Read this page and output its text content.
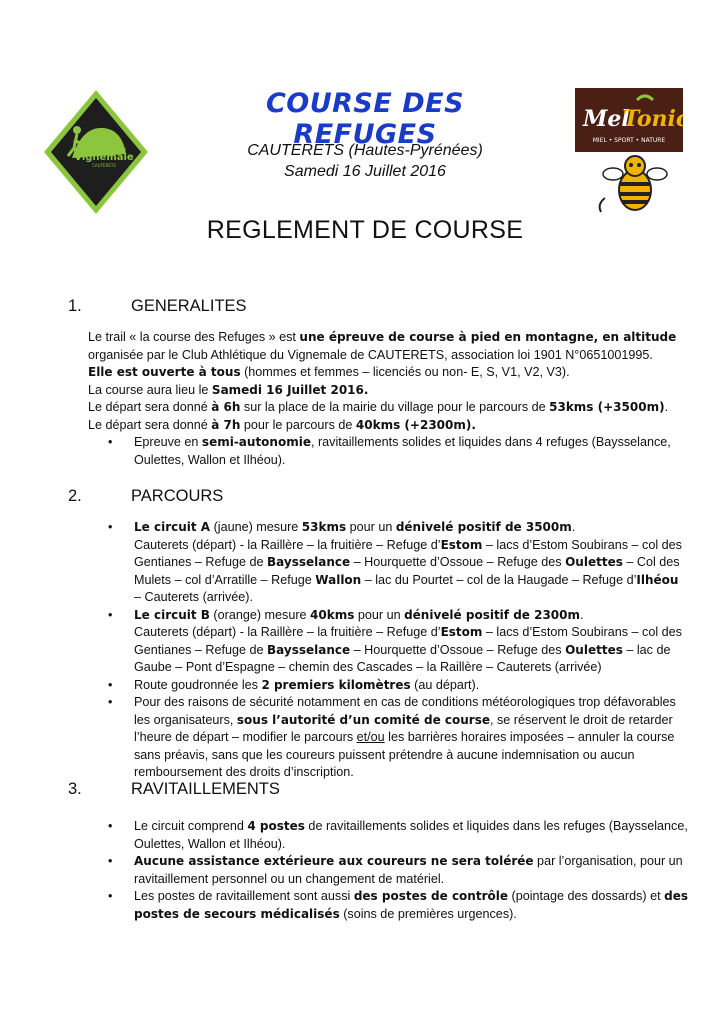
CLUB ATHLÉTIQUE DU
Vignemale
CAUTERETS
Mel
Tonic
MIEL • SPORT • NATURE
COURSE DES REFUGES
CAUTERETS (Hautes-Pyrénées)
Samedi 16 Juillet 2016
REGLEMENT DE COURSE
1.	GENERALITES

Le trail « la course des Refuges » est une épreuve de course à pied en montagne, en altitude organisée par le Club Athlétique du Vignemale de CAUTERETS, association loi 1901 N°0651001995.

Elle est ouverte à tous (hommes et femmes – licenciés ou non- E, S, V1, V2, V3).

La course aura lieu le Samedi 16 Juillet 2016.

Le départ sera donné à 6h sur la place de la mairie du village pour le parcours de 53kms (+3500m).

Le départ sera donné à 7h pour le parcours de 40kms (+2300m).

• Epreuve en semi-autonomie, ravitaillements solides et liquides dans 4 refuges (Baysselance, Oulettes, Wallon et Ilhéou).
2.	PARCOURS
• Le circuit A (jaune) mesure 53kms pour un dénivelé positif de 3500m.
Cauterets (départ) - la Raillère – la fruitière – Refuge d’Estom – lacs d’Estom Soubirans – col des Gentianes – Refuge de Baysselance – Hourquette d’Ossoue – Refuge des Oulettes – Col des Mulets – col d’Arratille – Refuge Wallon – lac du Pourtet – col de la Haugade – Refuge d’Ilhéou – Cauterets (arrivée).
• Le circuit B (orange) mesure 40kms pour un dénivelé positif de 2300m.
Cauterets (départ) - la Raillère – la fruitière – Refuge d’Estom – lacs d’Estom Soubirans – col des Gentianes – Refuge de Baysselance – Hourquette d’Ossoue – Refuge des Oulettes – lac de Gaube – Pont d’Espagne – chemin des Cascades – la Raillère – Cauterets (arrivée)
• Route goudronnée les 2 premiers kilomètres (au départ).
• Pour des raisons de sécurité notamment en cas de conditions météorologiques trop défavorables les organisateurs, sous l’autorité d’un comité de course, se réservent le droit de retarder l’heure de départ – modifier le parcours et/ou les barrières horaires imposées – annuler la course sans préavis, sans que les coureurs puissent prétendre à aucune indemnisation ou aucun remboursement des droits d’inscription.
3.	RAVITAILLEMENTS
• Le circuit comprend 4 postes de ravitaillements solides et liquides dans les refuges (Baysselance, Oulettes, Wallon et Ilhéou).
• Aucune assistance extérieure aux coureurs ne sera tolérée par l’organisation, pour un ravitaillement personnel ou un changement de matériel.
• Les postes de ravitaillement sont aussi des postes de contrôle (pointage des dossards) et des postes de secours médicalisés (soins de premières urgences).
